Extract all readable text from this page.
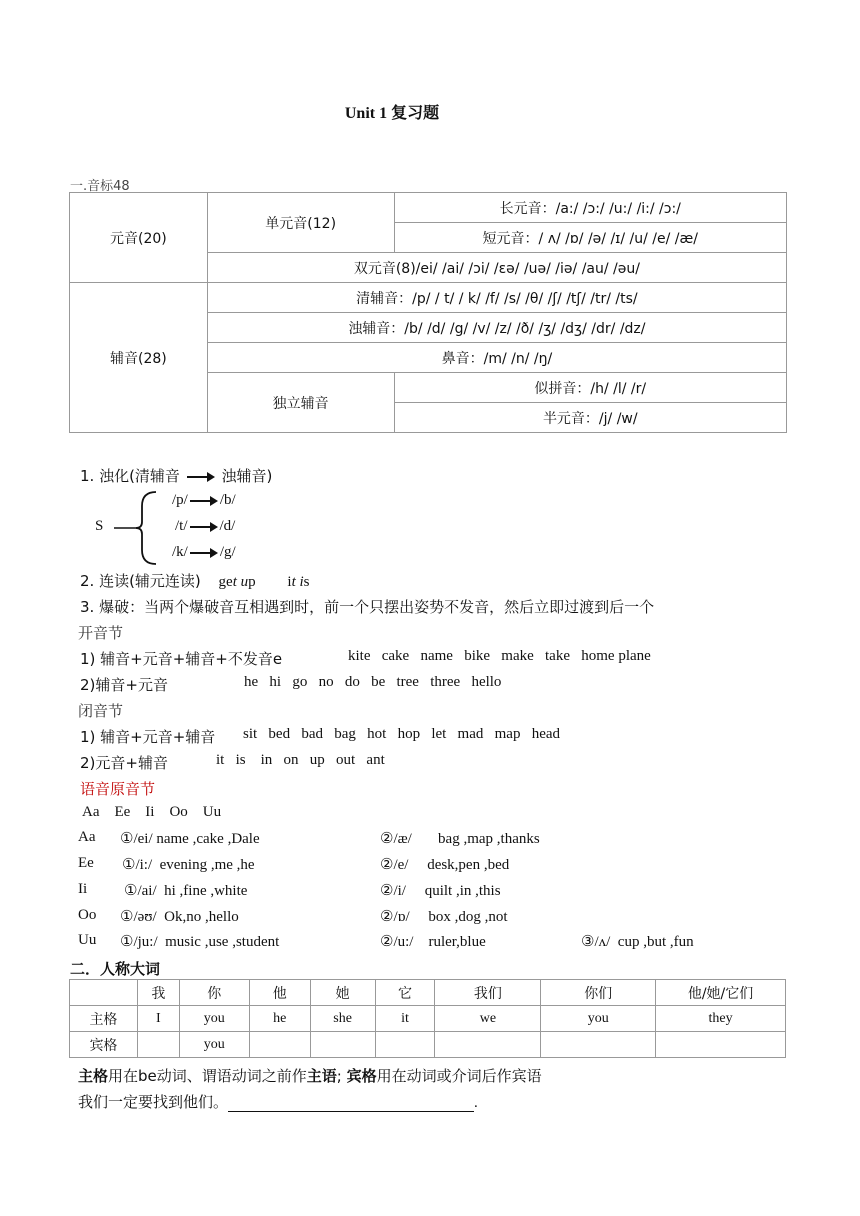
Unit 1 复习题
一.音标48
元音(20)	单元音(12)	长元音：/a:/ /ɔ:/ /u:/ /i:/ /ɔ:/
		短元音：/ ʌ/ /ɒ/ /ə/ /ɪ/ /u/ /e/ /æ/
	双元音(8)/ei/ /ai/ /ɔi/ /ɛə/ /uə/ /iə/ /au/ /əu/	
辅音(28)	清辅音：/p/ / t/ / k/ /f/ /s/ /θ/ /ʃ/ /tʃ/ /tr/ /ts/	
	浊辅音：/b/ /d/ /g/ /v/ /z/ /ð/ /ʒ/ /dʒ/ /dr/ /dz/	
	鼻音：/m/ /n/ /ŋ/	
	独立辅音	似拼音：/h/ /l/ /r/
		半元音：/j/ /w/
1. 浊化(清辅音	浊辅音)
S
/p/ /b/
/t/ /d/
/k/ /g/
2. 连读(辅元连读) get up it is
3. 爆破：当两个爆破音互相遇到时，前一个只摆出姿势不发音，然后立即过渡到后一个
开音节
1) 辅音+元音+辅音+不发音e	kite   cake   name   bike   make   take   home plane
2)辅音+元音	he   hi   go   no   do   be   tree   three   hello
闭音节
1) 辅音+元音+辅音 sit   bed   bad   bag   hot   hop   let   mad   map   head
2)元音+辅音	it   is    in   on   up   out   ant
语音原音节
Aa    Ee    Ii    Oo    Uu
Aa ①/ei/ name ,cake ,Dale	②/æ/       bag ,map ,thanks
Ee ①/i:/  evening ,me ,he	②/e/     desk,pen ,bed
Ii ①/ai/  hi ,fine ,white	②/i/     quilt ,in ,this
Oo ①/əʊ/  Ok,no ,hello	②/ɒ/     box ,dog ,not
Uu ①/ju:/  music ,use ,student	②/u:/    ruler,blue	③/ʌ/  cup ,but ,fun
二．人称大词
	我	你	他	她	它	我们	你们	他/她/它们
主格	I	you	he	she	it	we	you	they
宾格		you						
主格用在be动词、谓语动词之前作主语; 宾格用在动词或介词后作宾语
我们一定要找到他们。	.
